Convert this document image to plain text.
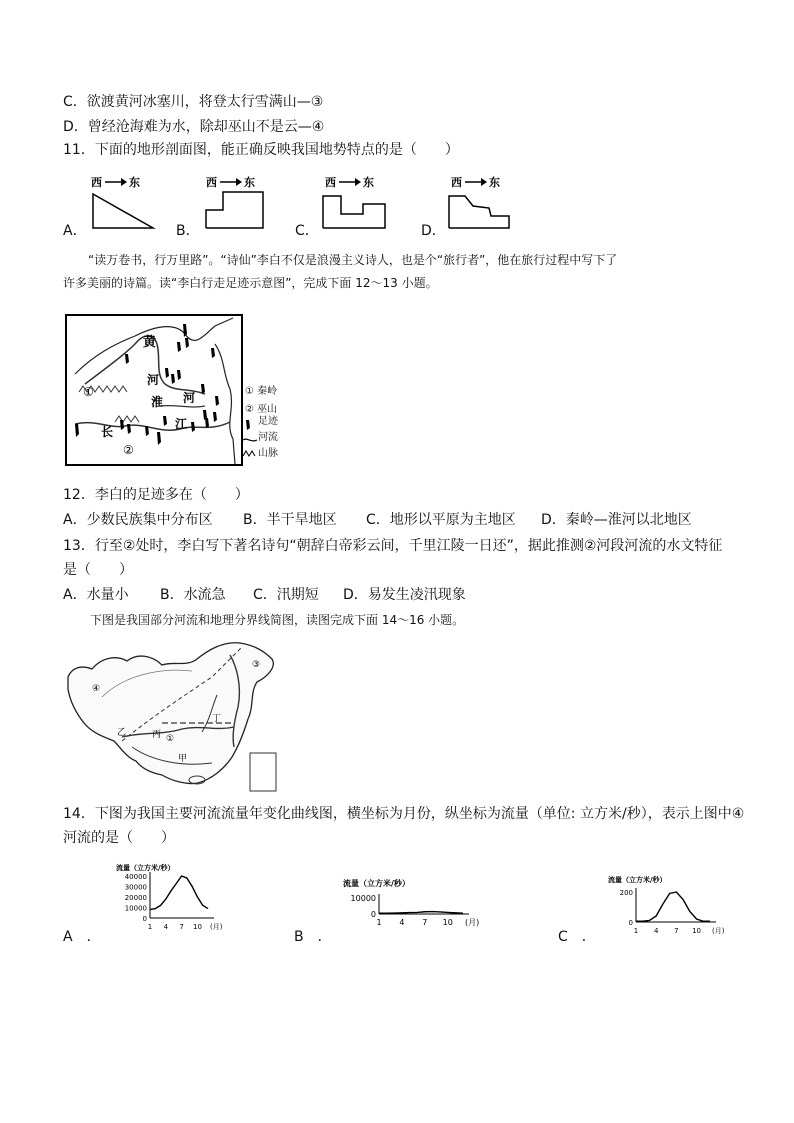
C．欲渡黄河冰塞川，将登太行雪满山—③
D．曾经沧海难为水，除却巫山不是云—④
11．下面的地形剖面图，能正确反映我国地势特点的是（　　）
西 东	西 东	西 东	西 东
A．	B．	C．	D．
“读万卷书，行万里路”。“诗仙”李白不仅是浪漫主义诗人，也是个“旅行者”，他在旅行过程中写下了
许多美丽的诗篇。读“李白行走足迹示意图”，完成下面 12～13 小题。
黄
河
淮 河
长
江
①
②
① 秦岭
② 巫山
足迹
河流
山脉
12．李白的足迹多在（　　）
A．少数民族集中分布区 B．半干旱地区 C．地形以平原为主地区 D．秦岭—淮河以北地区
13．行至②处时，李白写下著名诗句“朝辞白帝彩云间，千里江陵一日还”，据此推测②河段河流的水文特征
是（　　）
A．水量小 B．水流急 C．汛期短 D．易发生凌汛现象
下图是我国部分河流和地理分界线简图，读图完成下面 14～16 小题。
④
③
①
丙
乙
丁
甲
14．下图为我国主要河流流量年变化曲线图，横坐标为月份，纵坐标为流量（单位: 立方米/秒），表示上图中④
河流的是（　　）
流量（立方米/秒）
0
10000
20000
30000
40000
1 4 7 10 (月)
流量（立方米/秒）
0
10000
1 4 7 10 (月)
流量（立方米/秒）
0
200
1 4 7 10 (月)
A　．	B　．	C　．
